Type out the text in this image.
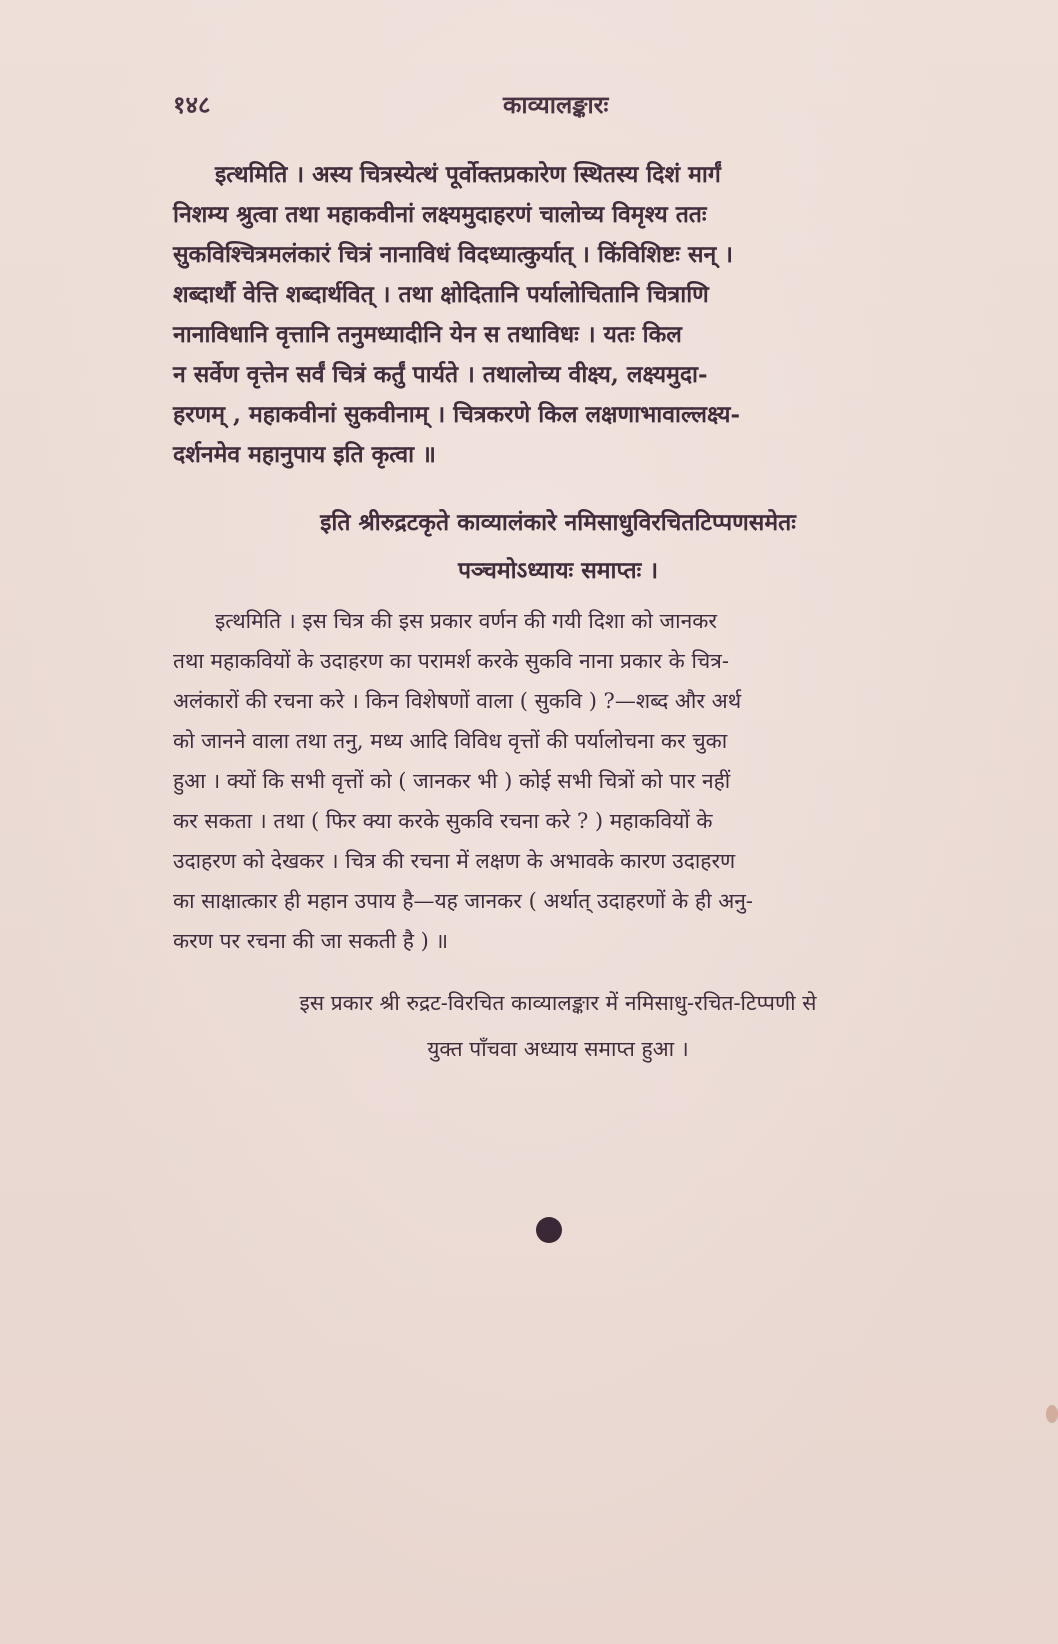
१४८	काव्यालङ्कारः
इत्थमिति । अस्य चित्रस्येत्थं पूर्वोक्तप्रकारेण स्थितस्य दिशं मार्गं
निशम्य श्रुत्वा तथा महाकवीनां लक्ष्यमुदाहरणं चालोच्य विमृश्य ततः
सुकविश्चित्रमलंकारं चित्रं नानाविधं विदध्यात्कुर्यात् । किंविशिष्टः सन् ।
शब्दार्थौ वेत्ति शब्दार्थवित् । तथा क्षोदितानि पर्यालोचितानि चित्राणि
नानाविधानि वृत्तानि तनुमध्यादीनि येन स तथाविधः । यतः किल
न सर्वेण वृत्तेन सर्वं चित्रं कर्तुं पार्यते । तथालोच्य वीक्ष्य, लक्ष्यमुदा-
हरणम् , महाकवीनां सुकवीनाम् । चित्रकरणे किल लक्षणाभावाल्लक्ष्य-
दर्शनमेव महानुपाय इति कृत्वा ॥
इति श्रीरुद्रटकृते काव्यालंकारे नमिसाधुविरचितटिप्पणसमेतः
पञ्चमोऽध्यायः समाप्तः ।
इत्थमिति । इस चित्र की इस प्रकार वर्णन की गयी दिशा को जानकर
तथा महाकवियों के उदाहरण का परामर्श करके सुकवि नाना प्रकार के चित्र-
अलंकारों की रचना करे । किन विशेषणों वाला ( सुकवि ) ?—शब्द और अर्थ
को जानने वाला तथा तनु, मध्य आदि विविध वृत्तों की पर्यालोचना कर चुका
हुआ । क्यों कि सभी वृत्तों को ( जानकर भी ) कोई सभी चित्रों को पार नहीं
कर सकता । तथा ( फिर क्या करके सुकवि रचना करे ? ) महाकवियों के
उदाहरण को देखकर । चित्र की रचना में लक्षण के अभावके कारण उदाहरण
का साक्षात्कार ही महान उपाय है—यह जानकर ( अर्थात् उदाहरणों के ही अनु-
करण पर रचना की जा सकती है ) ॥
इस प्रकार श्री रुद्रट-विरचित काव्यालङ्कार में नमिसाधु-रचित-टिप्पणी से
युक्त पाँचवा अध्याय समाप्त हुआ ।
